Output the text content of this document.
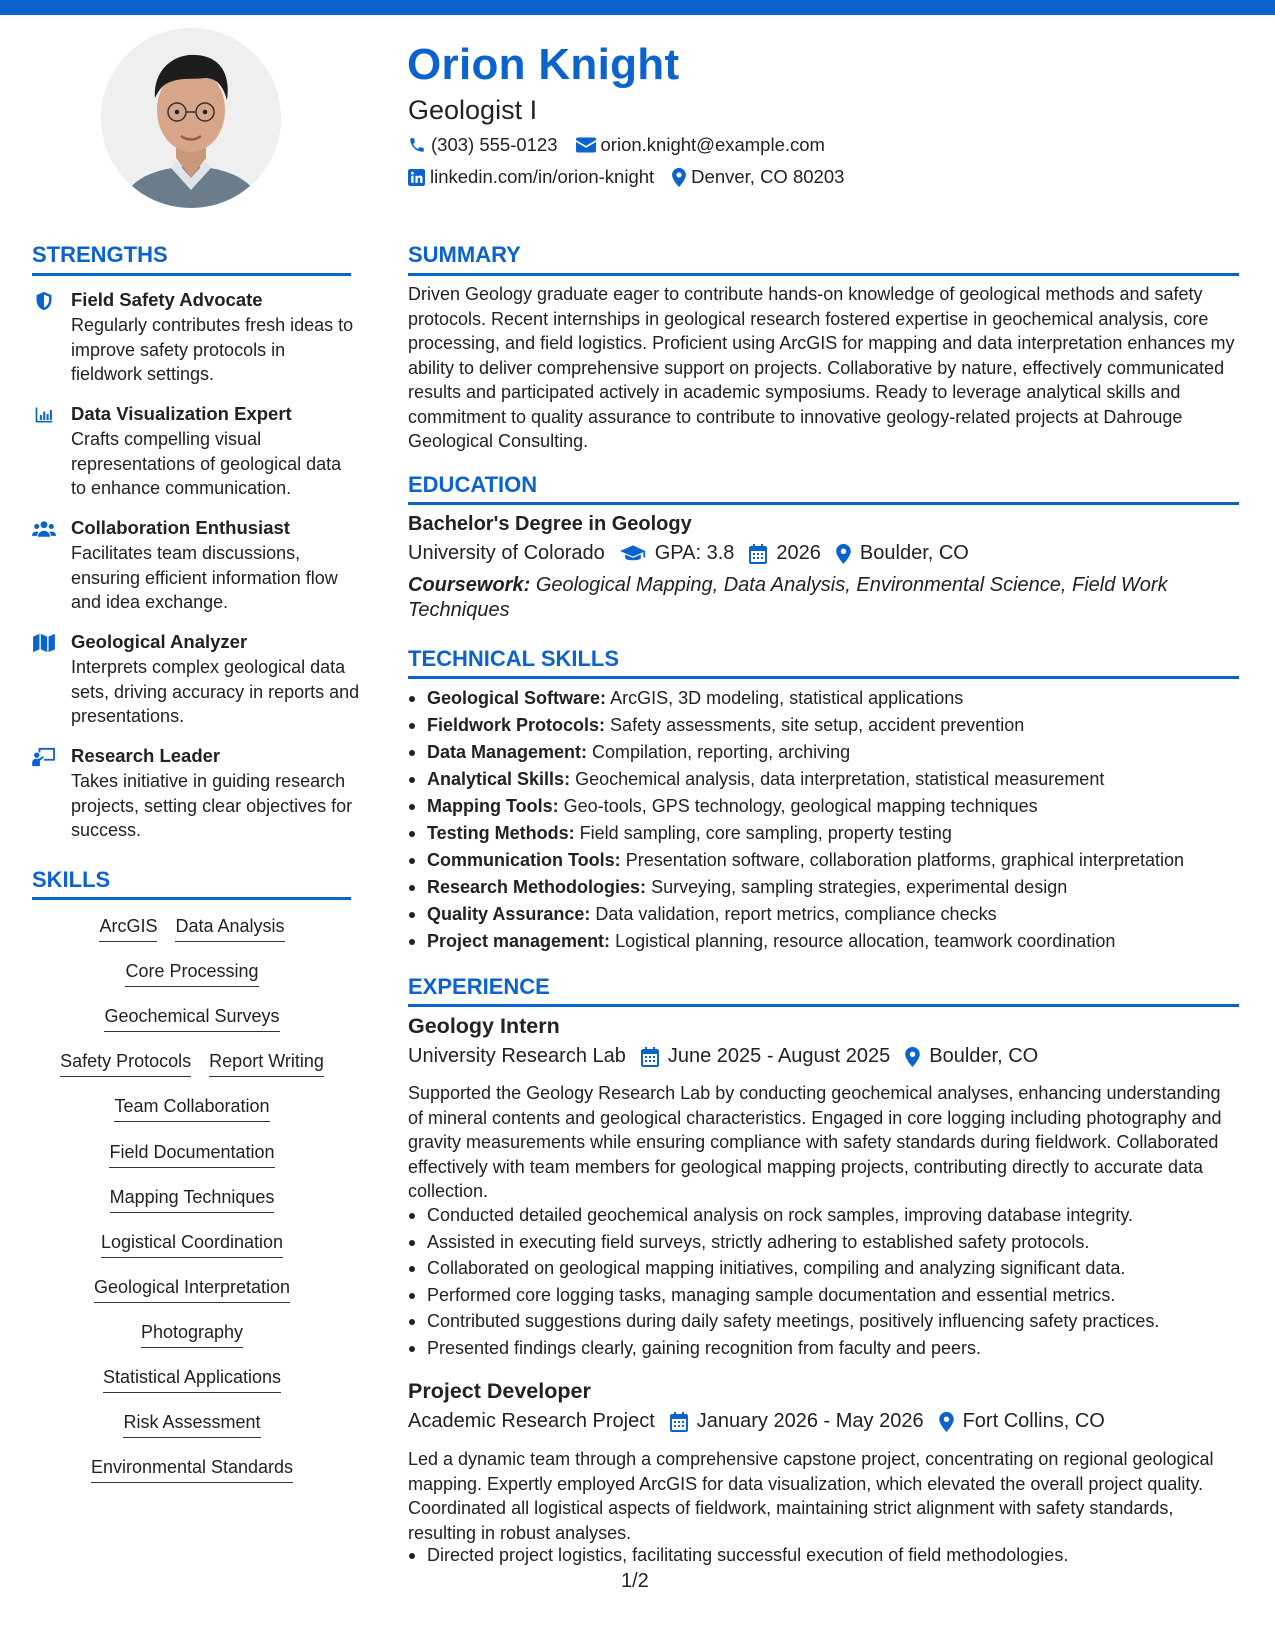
Orion Knight
Geologist I
(303) 555-0123 orion.knight@example.com
linkedin.com/in/orion-knight Denver, CO 80203
STRENGTHS
Field Safety Advocate
Regularly contributes fresh ideas to improve safety protocols in fieldwork settings.
Data Visualization Expert
Crafts compelling visual representations of geological data to enhance communication.
Collaboration Enthusiast
Facilitates team discussions, ensuring efficient information flow and idea exchange.
Geological Analyzer
Interprets complex geological data sets, driving accuracy in reports and presentations.
Research Leader
Takes initiative in guiding research projects, setting clear objectives for success.
SKILLS
ArcGIS Data Analysis
Core Processing
Geochemical Surveys
Safety Protocols Report Writing
Team Collaboration
Field Documentation
Mapping Techniques
Logistical Coordination
Geological Interpretation
Photography
Statistical Applications
Risk Assessment
Environmental Standards
SUMMARY
Driven Geology graduate eager to contribute hands-on knowledge of geological methods and safety protocols. Recent internships in geological research fostered expertise in geochemical analysis, core processing, and field logistics. Proficient using ArcGIS for mapping and data interpretation enhances my ability to deliver comprehensive support on projects. Collaborative by nature, effectively communicated results and participated actively in academic symposiums. Ready to leverage analytical skills and commitment to quality assurance to contribute to innovative geology-related projects at Dahrouge Geological Consulting.
EDUCATION
Bachelor's Degree in Geology
University of Colorado	GPA: 3.8 2026 Boulder, CO
Coursework: Geological Mapping, Data Analysis, Environmental Science, Field Work Techniques
TECHNICAL SKILLS
Geological Software: ArcGIS, 3D modeling, statistical applications
Fieldwork Protocols: Safety assessments, site setup, accident prevention
Data Management: Compilation, reporting, archiving
Analytical Skills: Geochemical analysis, data interpretation, statistical measurement
Mapping Tools: Geo-tools, GPS technology, geological mapping techniques
Testing Methods: Field sampling, core sampling, property testing
Communication Tools: Presentation software, collaboration platforms, graphical interpretation
Research Methodologies: Surveying, sampling strategies, experimental design
Quality Assurance: Data validation, report metrics, compliance checks
Project management: Logistical planning, resource allocation, teamwork coordination
EXPERIENCE
Geology Intern
University Research Lab June 2025 - August 2025 Boulder, CO
Supported the Geology Research Lab by conducting geochemical analyses, enhancing understanding of mineral contents and geological characteristics. Engaged in core logging including photography and gravity measurements while ensuring compliance with safety standards during fieldwork. Collaborated effectively with team members for geological mapping projects, contributing directly to accurate data collection.
Conducted detailed geochemical analysis on rock samples, improving database integrity.
Assisted in executing field surveys, strictly adhering to established safety protocols.
Collaborated on geological mapping initiatives, compiling and analyzing significant data.
Performed core logging tasks, managing sample documentation and essential metrics.
Contributed suggestions during daily safety meetings, positively influencing safety practices.
Presented findings clearly, gaining recognition from faculty and peers.
Project Developer
Academic Research Project January 2026 - May 2026 Fort Collins, CO
Led a dynamic team through a comprehensive capstone project, concentrating on regional geological mapping. Expertly employed ArcGIS for data visualization, which elevated the overall project quality. Coordinated all logistical aspects of fieldwork, maintaining strict alignment with safety standards, resulting in robust analyses.
Directed project logistics, facilitating successful execution of field methodologies.
1/2
